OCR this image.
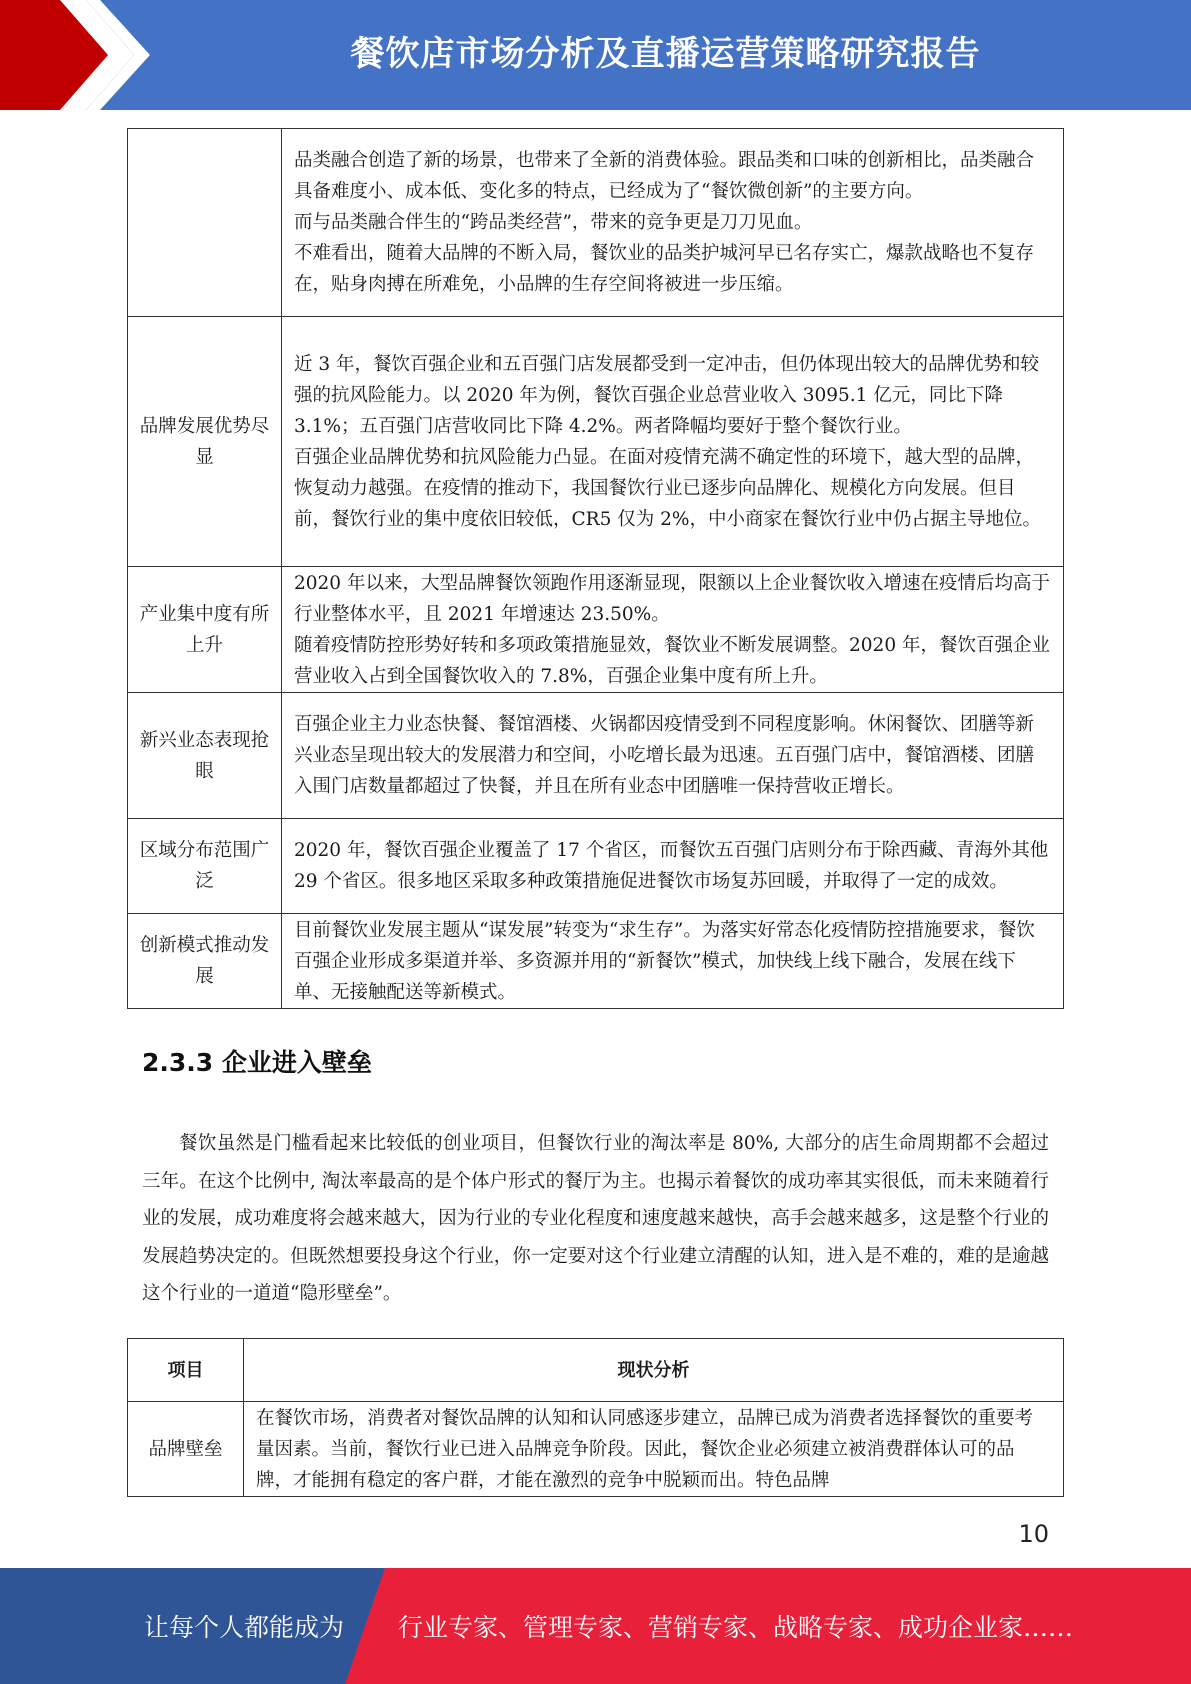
餐饮店市场分析及直播运营策略研究报告

	品类融合创造了新的场景，也带来了全新的消费体验。跟品类和口味的创新相比，品类融合具备难度小、成本低、变化多的特点，已经成为了“餐饮微创新”的主要方向。

而与品类融合伴生的“跨品类经营”，带来的竞争更是刀刀见血。

不难看出，随着大品牌的不断入局，餐饮业的品类护城河早已名存实亡，爆款战略也不复存在，贴身肉搏在所难免，小品牌的生存空间将被进一步压缩。

品牌发展优势尽显	近 3 年，餐饮百强企业和五百强门店发展都受到一定冲击，但仍体现出较大的品牌优势和较强的抗风险能力。以 2020 年为例，餐饮百强企业总营业收入 3095.1 亿元，同比下降 3.1%；五百强门店营收同比下降 4.2%。两者降幅均要好于整个餐饮行业。

百强企业品牌优势和抗风险能力凸显。在面对疫情充满不确定性的环境下，越大型的品牌，恢复动力越强。在疫情的推动下，我国餐饮行业已逐步向品牌化、规模化方向发展。但目前，餐饮行业的集中度依旧较低，CR5 仅为 2%，中小商家在餐饮行业中仍占据主导地位。

产业集中度有所上升	2020 年以来，大型品牌餐饮领跑作用逐渐显现，限额以上企业餐饮收入增速在疫情后均高于行业整体水平，且 2021 年增速达 23.50%。

随着疫情防控形势好转和多项政策措施显效，餐饮业不断发展调整。2020 年，餐饮百强企业营业收入占到全国餐饮收入的 7.8%，百强企业集中度有所上升。

新兴业态表现抢眼	百强企业主力业态快餐、餐馆酒楼、火锅都因疫情受到不同程度影响。休闲餐饮、团膳等新兴业态呈现出较大的发展潜力和空间，小吃增长最为迅速。五百强门店中，餐馆酒楼、团膳入围门店数量都超过了快餐，并且在所有业态中团膳唯一保持营收正增长。

区域分布范围广泛	2020 年，餐饮百强企业覆盖了 17 个省区，而餐饮五百强门店则分布于除西藏、青海外其他 29 个省区。很多地区采取多种政策措施促进餐饮市场复苏回暖，并取得了一定的成效。

创新模式推动发展	目前餐饮业发展主题从“谋发展”转变为“求生存”。为落实好常态化疫情防控措施要求，餐饮百强企业形成多渠道并举、多资源并用的“新餐饮”模式，加快线上线下融合，发展在线下单、无接触配送等新模式。

2.3.3 企业进入壁垒

餐饮虽然是门槛看起来比较低的创业项目，但餐饮行业的淘汰率是 80%, 大部分的店生命周期都不会超过三年。在这个比例中, 淘汰率最高的是个体户形式的餐厅为主。也揭示着餐饮的成功率其实很低，而未来随着行业的发展，成功难度将会越来越大，因为行业的专业化程度和速度越来越快，高手会越来越多，这是整个行业的发展趋势决定的。但既然想要投身这个行业，你一定要对这个行业建立清醒的认知，进入是不难的，难的是逾越这个行业的一道道“隐形壁垒”。

项目	现状分析
品牌壁垒	在餐饮市场，消费者对餐饮品牌的认知和认同感逐步建立，品牌已成为消费者选择餐饮的重要考量因素。当前，餐饮行业已进入品牌竞争阶段。因此，餐饮企业必须建立被消费群体认可的品牌，才能拥有稳定的客户群，才能在激烈的竞争中脱颖而出。特色品牌
10
让每个人都能成为 行业专家、管理专家、营销专家、战略专家、成功企业家……
